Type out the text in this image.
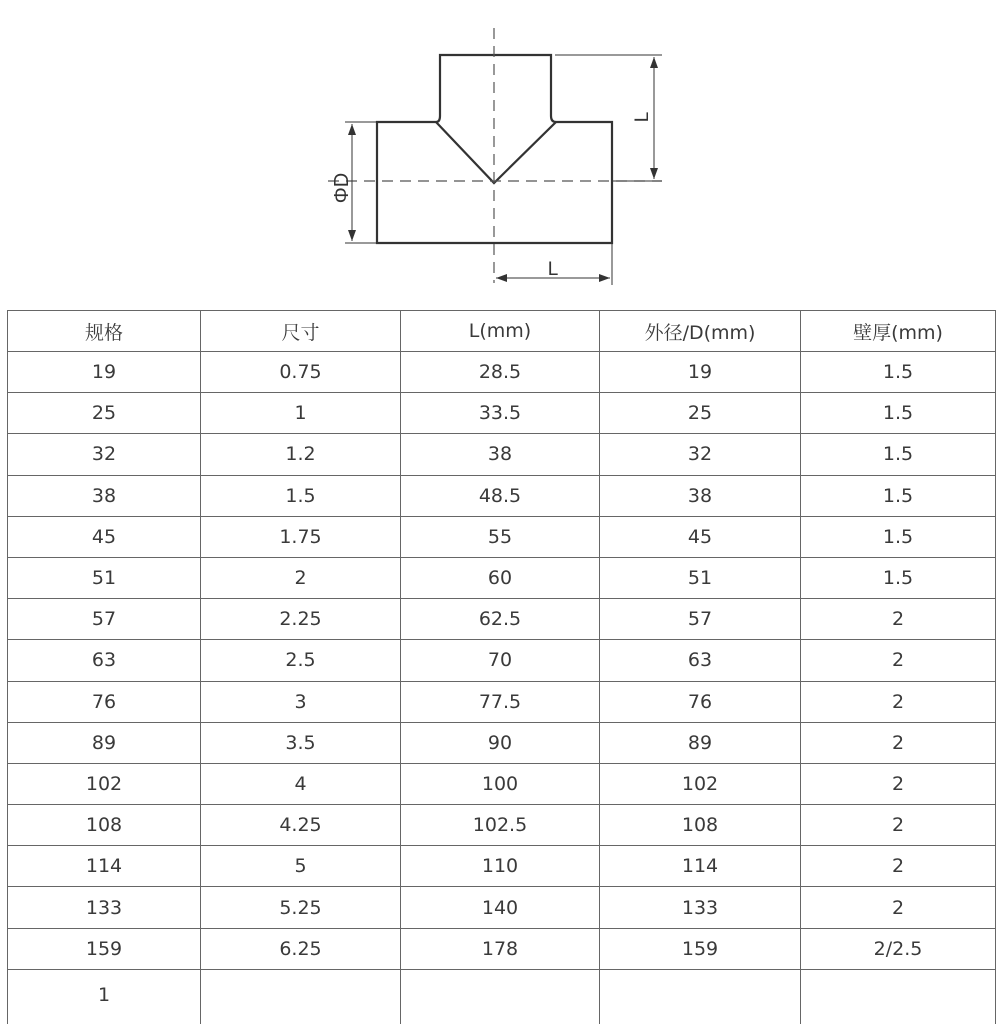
ΦD
L
L
规格	尺寸	L(mm)	外径/D(mm)	壁厚(mm)
19	0.75	28.5	19	1.5
25	1	33.5	25	1.5
32	1.2	38	32	1.5
38	1.5	48.5	38	1.5
45	1.75	55	45	1.5
51	2	60	51	1.5
57	2.25	62.5	57	2
63	2.5	70	63	2
76	3	77.5	76	2
89	3.5	90	89	2
102	4	100	102	2
108	4.25	102.5	108	2
114	5	110	114	2
133	5.25	140	133	2
159	6.25	178	159	2/2.5
1				
